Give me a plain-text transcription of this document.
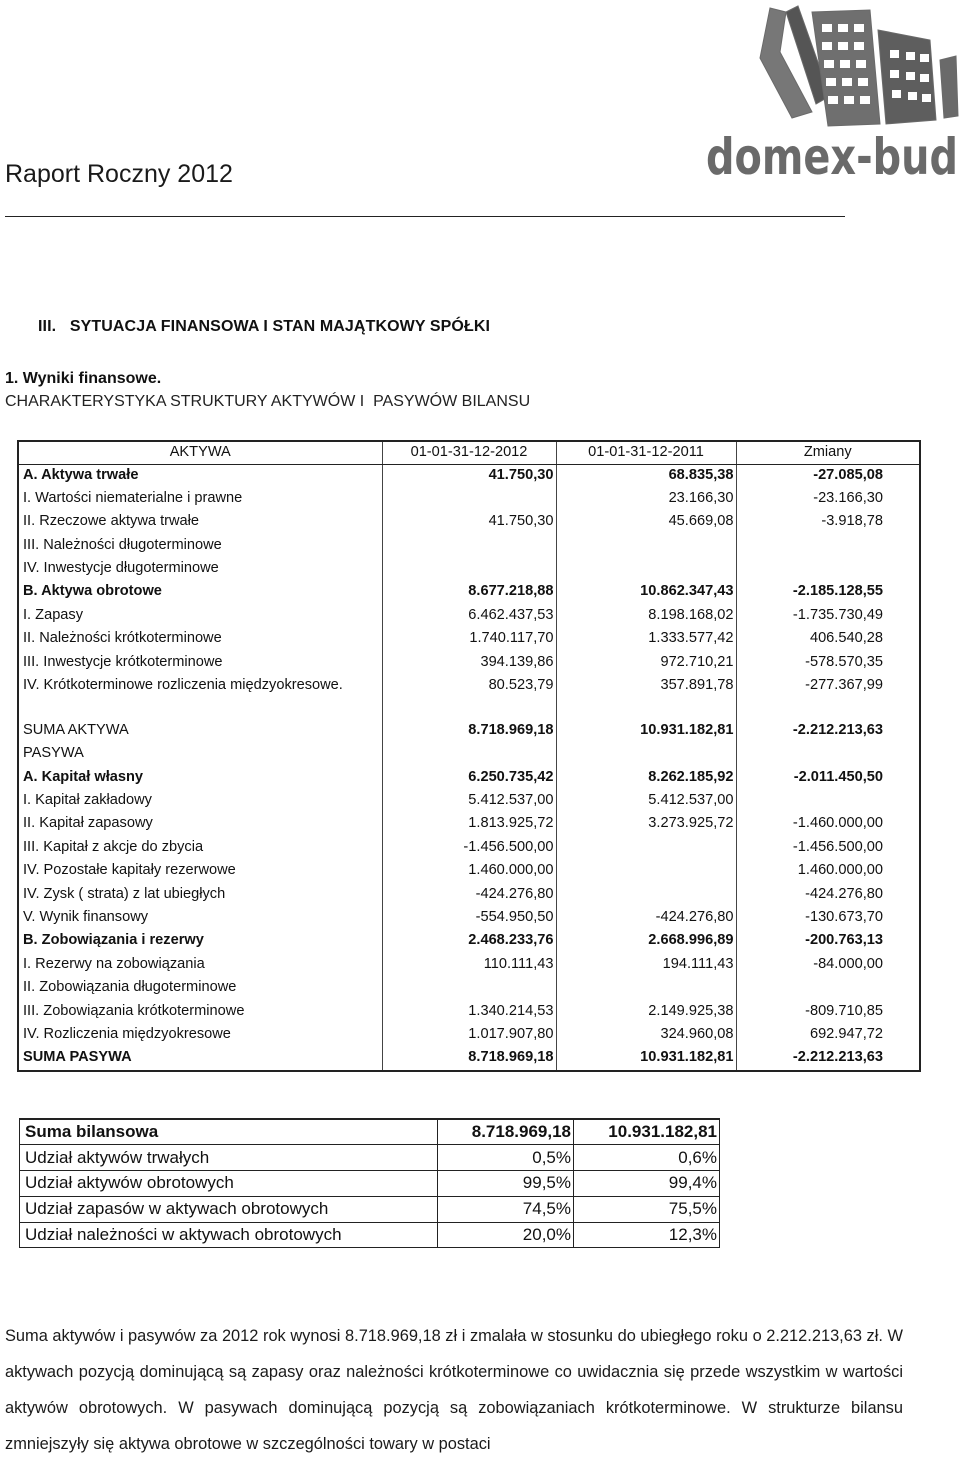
Raport Roczny 2012	domex-bud
III.   SYTUACJA FINANSOWA I STAN MAJĄTKOWY SPÓŁKI
1. Wyniki finansowe.
CHARAKTERYSTYKA STRUKTURY AKTYWÓW I  PASYWÓW BILANSU
AKTYWA	01-01-31-12-2012	01-01-31-12-2011	Zmiany
A. Aktywa trwałe	41.750,30	68.835,38	-27.085,08
I. Wartości niematerialne i prawne		23.166,30	-23.166,30
II. Rzeczowe aktywa trwałe	41.750,30	45.669,08	-3.918,78
III. Należności długoterminowe			
IV. Inwestycje długoterminowe			
B. Aktywa obrotowe	8.677.218,88	10.862.347,43	-2.185.128,55
I. Zapasy	6.462.437,53	8.198.168,02	-1.735.730,49
II. Należności krótkoterminowe	1.740.117,70	1.333.577,42	406.540,28
III. Inwestycje krótkoterminowe	394.139,86	972.710,21	-578.570,35
IV. Krótkoterminowe rozliczenia międzyokresowe.	80.523,79	357.891,78	-277.367,99
SUMA AKTYWA	8.718.969,18	10.931.182,81	-2.212.213,63
PASYWA			
A. Kapitał własny	6.250.735,42	8.262.185,92	-2.011.450,50
I. Kapitał zakładowy	5.412.537,00	5.412.537,00	
II. Kapitał zapasowy	1.813.925,72	3.273.925,72	-1.460.000,00
III. Kapitał z akcje do zbycia	-1.456.500,00		-1.456.500,00
IV. Pozostałe kapitały rezerwowe	1.460.000,00		1.460.000,00
IV. Zysk ( strata) z lat ubiegłych	-424.276,80		-424.276,80
V. Wynik finansowy	-554.950,50	-424.276,80	-130.673,70
B. Zobowiązania i rezerwy	2.468.233,76	2.668.996,89	-200.763,13
I. Rezerwy na zobowiązania	110.111,43	194.111,43	-84.000,00
II. Zobowiązania długoterminowe			
III. Zobowiązania krótkoterminowe	1.340.214,53	2.149.925,38	-809.710,85
IV. Rozliczenia międzyokresowe	1.017.907,80	324.960,08	692.947,72
SUMA PASYWA	8.718.969,18	10.931.182,81	-2.212.213,63
Suma bilansowa	8.718.969,18	10.931.182,81
Udział aktywów trwałych	0,5%	0,6%
Udział aktywów obrotowych	99,5%	99,4%
Udział zapasów w aktywach obrotowych	74,5%	75,5%
Udział należności w aktywach obrotowych	20,0%	12,3%
Suma aktywów i pasywów za 2012 rok wynosi 8.718.969,18 zł i zmalała w stosunku do ubiegłego roku o 2.212.213,63 zł. W aktywach pozycją dominującą są zapasy oraz należności krótkoterminowe co uwidacznia się przede wszystkim w wartości aktywów obrotowych. W pasywach dominującą pozycją są zobowiązaniach krótkoterminowe. W strukturze bilansu zmniejszyły się aktywa obrotowe w szczególności towary w postaci
